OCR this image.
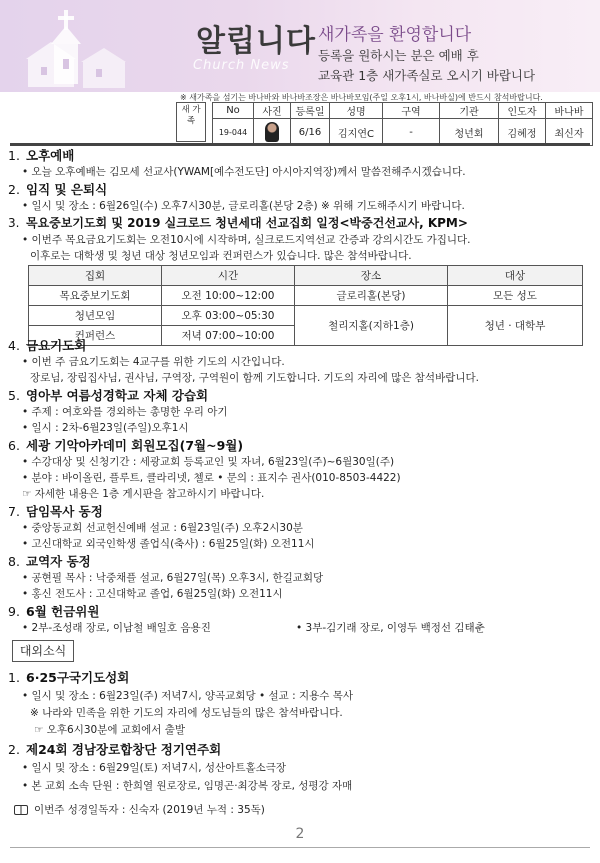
알립니다
Church News
새가족을 환영합니다
등록을 원하시는 분은 예배 후
교육관 1층 새가족실로 오시기 바랍니다
※ 새가족을 섬기는 바나바와 바나바조장은 바나바모임(주일 오후1시, 바나바실)에 반드시 참석바랍니다.
새 가 족
No	사진	등록일	성명	구역	기관	인도자	바나바
19-044		6/16	김지연C	-	청년회	김혜정	최신자
1. 오후예배
• 오늘 오후예배는 김모세 선교사(YWAM[예수전도단] 아시아지역장)께서 말씀전해주시겠습니다.
2. 임직 및 은퇴식
• 일시 및 장소 : 6월26일(수) 오후7시30분, 글로리홀(본당 2층) ※ 위해 기도해주시기 바랍니다.
3. 목요중보기도회 및 2019 실크로드 청년세대 선교집회 일정<박중건선교사, KPM>
• 이번주 목요금요기도회는 오전10시에 시작하며, 실크로드지역선교 간증과 강의시간도 가집니다.
이후로는 대학생 및 청년 대상 청년모임과 컨퍼런스가 있습니다. 많은 참석바랍니다.
집회	시간	장소	대상
목요중보기도회	오전 10:00~12:00	글로리홀(본당)	모든 성도
청년모임	오후 03:00~05:30	철리지홀(지하1층)	청년 · 대학부
컨퍼런스	저녁 07:00~10:00		
4. 금요기도회
• 이번 주 금요기도회는 4교구를 위한 기도의 시간입니다.
장로님, 장립집사님, 권사님, 구역장, 구역원이 함께 기도합니다. 기도의 자리에 많은 참석바랍니다.
5. 영아부 여름성경학교 자체 강습회
• 주제 : 여호와를 경외하는 총명한 우리 아기
• 일시 : 2차-6월23일(주일)오후1시
6. 세광 기악아카데미 회원모집(7월~9월)
• 수강대상 및 신청기간 : 세광교회 등록교인 및 자녀, 6월23일(주)~6월30일(주)
• 분야 : 바이올린, 플루트, 클라리넷, 첼로 • 문의 : 표지수 권사(010-8503-4422)
☞ 자세한 내용은 1층 게시판을 참고하시기 바랍니다.
7. 담임목사 동정
• 중앙동교회 선교헌신예배 설교 : 6월23일(주) 오후2시30분
• 고신대학교 외국인학생 졸업식(축사) : 6월25일(화) 오전11시
8. 교역자 동정
• 공현필 목사 : 낙중채플 설교, 6월27일(목) 오후3시, 한길교회당
• 홍신 전도사 : 고신대학교 졸업, 6월25일(화) 오전11시
9. 6월 헌금위원
• 2부-조성래 장로, 이남철 배일호 음용진	• 3부-김기래 장로, 이영두 백정선 김태춘
대외소식
1. 6·25구국기도성회
• 일시 및 장소 : 6월23일(주) 저녁7시, 양곡교회당 • 설교 : 지용수 목사
※ 나라와 민족을 위한 기도의 자리에 성도님들의 많은 참석바랍니다.
☞ 오후6시30분에 교회에서 출발
2. 제24회 경남장로합창단 정기연주회
• 일시 및 장소 : 6월29일(토) 저녁7시, 성산아트홀소극장
• 본 교회 소속 단원 : 한희열 원로장로, 임명곤·최강복 장로, 성평강 자매
이번주 성경일독자 : 신숙자 (2019년 누적 : 35독)
2
